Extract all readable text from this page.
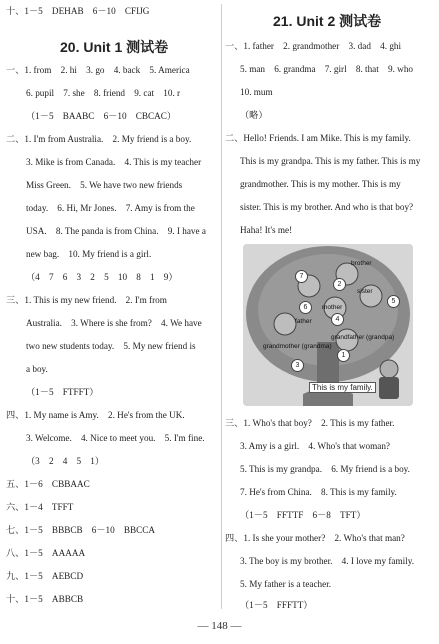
十、1－5　DEHAB　6－10　CFIJG
20. Unit 1 测试卷
一、1. from　2. hi　3. go　4. back　5. America
6. pupil　7. she　8. friend　9. cat　10. r
（1－5　BAABC　6－10　CBCAC）
二、1. I'm from Australia.　2. My friend is a boy.
3. Mike is from Canada.　4. This is my teacher
Miss Green.　5. We have two new friends
today.　6. Hi, Mr Jones.　7. Amy is from the
USA.　8. The panda is from China.　9. I have a
new bag.　10. My friend is a girl.
（4　7　6　3　2　5　10　8　1　9）
三、1. This is my new friend.　2. I'm from
Australia.　3. Where is she from?　4. We have
two new students today.　5. My new friend is
a boy.
（1－5　FTFFT）
四、1. My name is Amy.　2. He's from the UK.
3. Welcome.　4. Nice to meet you.　5. I'm fine.
（3　2　4　5　1）
五、1－6　CBBAAC
六、1－4　TFFT
七、1－5　BBBCB　6－10　BBCCA
八、1－5　AAAAA
九、1－5　AEBCD
十、1－5　ABBCB
21. Unit 2 测试卷
一、1. father　2. grandmother　3. dad　4. ghi
5. man　6. grandma　7. girl　8. that　9. who
10. mum
（略）
二、Hello! Friends. I am Mike. This is my family.
This is my grandpa. This is my father. This is my
grandmother. This is my mother. This is my
sister. This is my brother. And who is that boy?
Haha! It's me!
三、1. Who's that boy?　2. This is my father.
3. Amy is a girl.　4. Who's that woman?
5. This is my grandpa.　6. My friend is a boy.
7. He's from China.　8. This is my family.
（1－5　FFTTF　6－8　TFT）
四、1. Is she your mother?　2. Who's that man?
3. The boy is my brother.　4. I love my family.
5. My father is a teacher.
（1－5　FFFTT）
7
2
4
6
5
1
3
brother
sister
mother
father
grandfather (grandpa)
grandmother (grandma)
This is my family.
— 148 —
